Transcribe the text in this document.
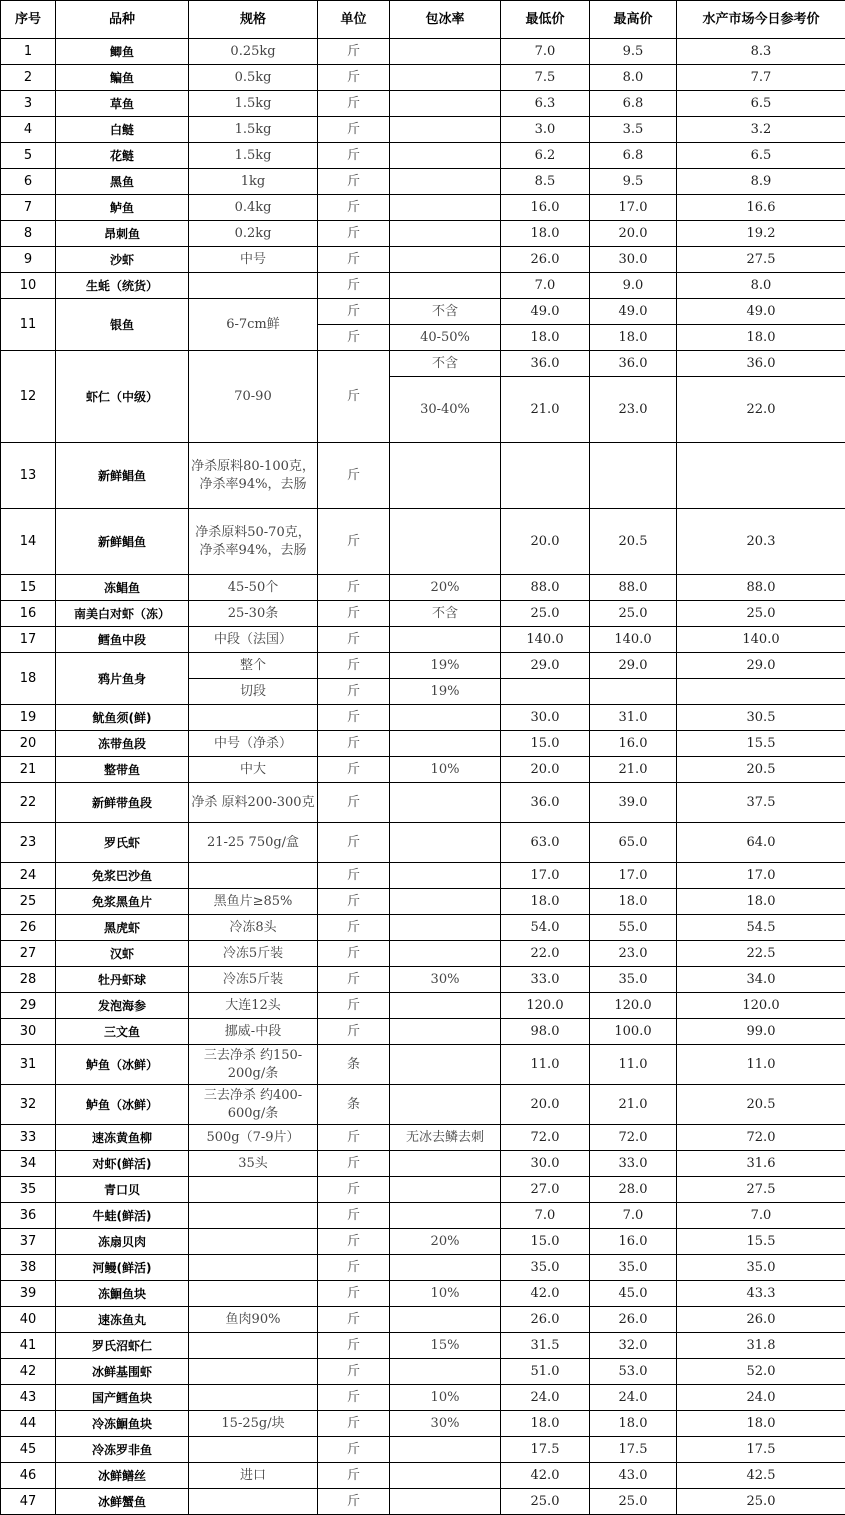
序号	品种	规格	单位	包冰率	最低价	最高价	水产市场今日参考价
1	鲫鱼	0.25kg	斤		7.0	9.5	8.3
2	鳊鱼	0.5kg	斤		7.5	8.0	7.7
3	草鱼	1.5kg	斤		6.3	6.8	6.5
4	白鲢	1.5kg	斤		3.0	3.5	3.2
5	花鲢	1.5kg	斤		6.2	6.8	6.5
6	黑鱼	1kg	斤		8.5	9.5	8.9
7	鲈鱼	0.4kg	斤		16.0	17.0	16.6
8	昂刺鱼	0.2kg	斤		18.0	20.0	19.2
9	沙虾	中号	斤		26.0	30.0	27.5
10	生蚝（统货）		斤		7.0	9.0	8.0
11	银鱼	6-7cm鲜	斤	不含	49.0	49.0	49.0
			斤	40-50%	18.0	18.0	18.0
12	虾仁（中级）	70-90	斤	不含	36.0	36.0	36.0
				30-40%	21.0	23.0	22.0
13	新鲜鲳鱼	净杀原料80-100克，净杀率94%，去肠	斤				
14	新鲜鲳鱼	净杀原料50-70克，净杀率94%，去肠	斤		20.0	20.5	20.3
15	冻鲳鱼	45-50个	斤	20%	88.0	88.0	88.0
16	南美白对虾（冻）	25-30条	斤	不含	25.0	25.0	25.0
17	鳕鱼中段	中段（法国）	斤		140.0	140.0	140.0
18	鸦片鱼身	整个	斤	19%	29.0	29.0	29.0
		切段	斤	19%			
19	鱿鱼须(鲜)		斤		30.0	31.0	30.5
20	冻带鱼段	中号（净杀）	斤		15.0	16.0	15.5
21	整带鱼	中大	斤	10%	20.0	21.0	20.5
22	新鲜带鱼段	净杀 原料200-300克	斤		36.0	39.0	37.5
23	罗氏虾	21-25 750g/盒	斤		63.0	65.0	64.0
24	免浆巴沙鱼		斤		17.0	17.0	17.0
25	免浆黑鱼片	黑鱼片≥85%	斤		18.0	18.0	18.0
26	黑虎虾	冷冻8头	斤		54.0	55.0	54.5
27	汉虾	冷冻5斤装	斤		22.0	23.0	22.5
28	牡丹虾球	冷冻5斤装	斤	30%	33.0	35.0	34.0
29	发泡海参	大连12头	斤		120.0	120.0	120.0
30	三文鱼	挪威-中段	斤		98.0	100.0	99.0
31	鲈鱼（冰鲜）	三去净杀 约150-200g/条	条		11.0	11.0	11.0
32	鲈鱼（冰鲜）	三去净杀 约400-600g/条	条		20.0	21.0	20.5
33	速冻黄鱼柳	500g（7-9片）	斤	无冰去鳞去刺	72.0	72.0	72.0
34	对虾(鲜活)	35头	斤		30.0	33.0	31.6
35	青口贝		斤		27.0	28.0	27.5
36	牛蛙(鲜活)		斤		7.0	7.0	7.0
37	冻扇贝肉		斤	20%	15.0	16.0	15.5
38	河鳗(鲜活)		斤		35.0	35.0	35.0
39	冻鮰鱼块		斤	10%	42.0	45.0	43.3
40	速冻鱼丸	鱼肉90%	斤		26.0	26.0	26.0
41	罗氏沼虾仁		斤	15%	31.5	32.0	31.8
42	冰鲜基围虾		斤		51.0	53.0	52.0
43	国产鳕鱼块		斤	10%	24.0	24.0	24.0
44	冷冻鮰鱼块	15-25g/块	斤	30%	18.0	18.0	18.0
45	冷冻罗非鱼		斤		17.5	17.5	17.5
46	冰鲜鳝丝	进口	斤		42.0	43.0	42.5
47	冰鲜蟹鱼		斤		25.0	25.0	25.0
